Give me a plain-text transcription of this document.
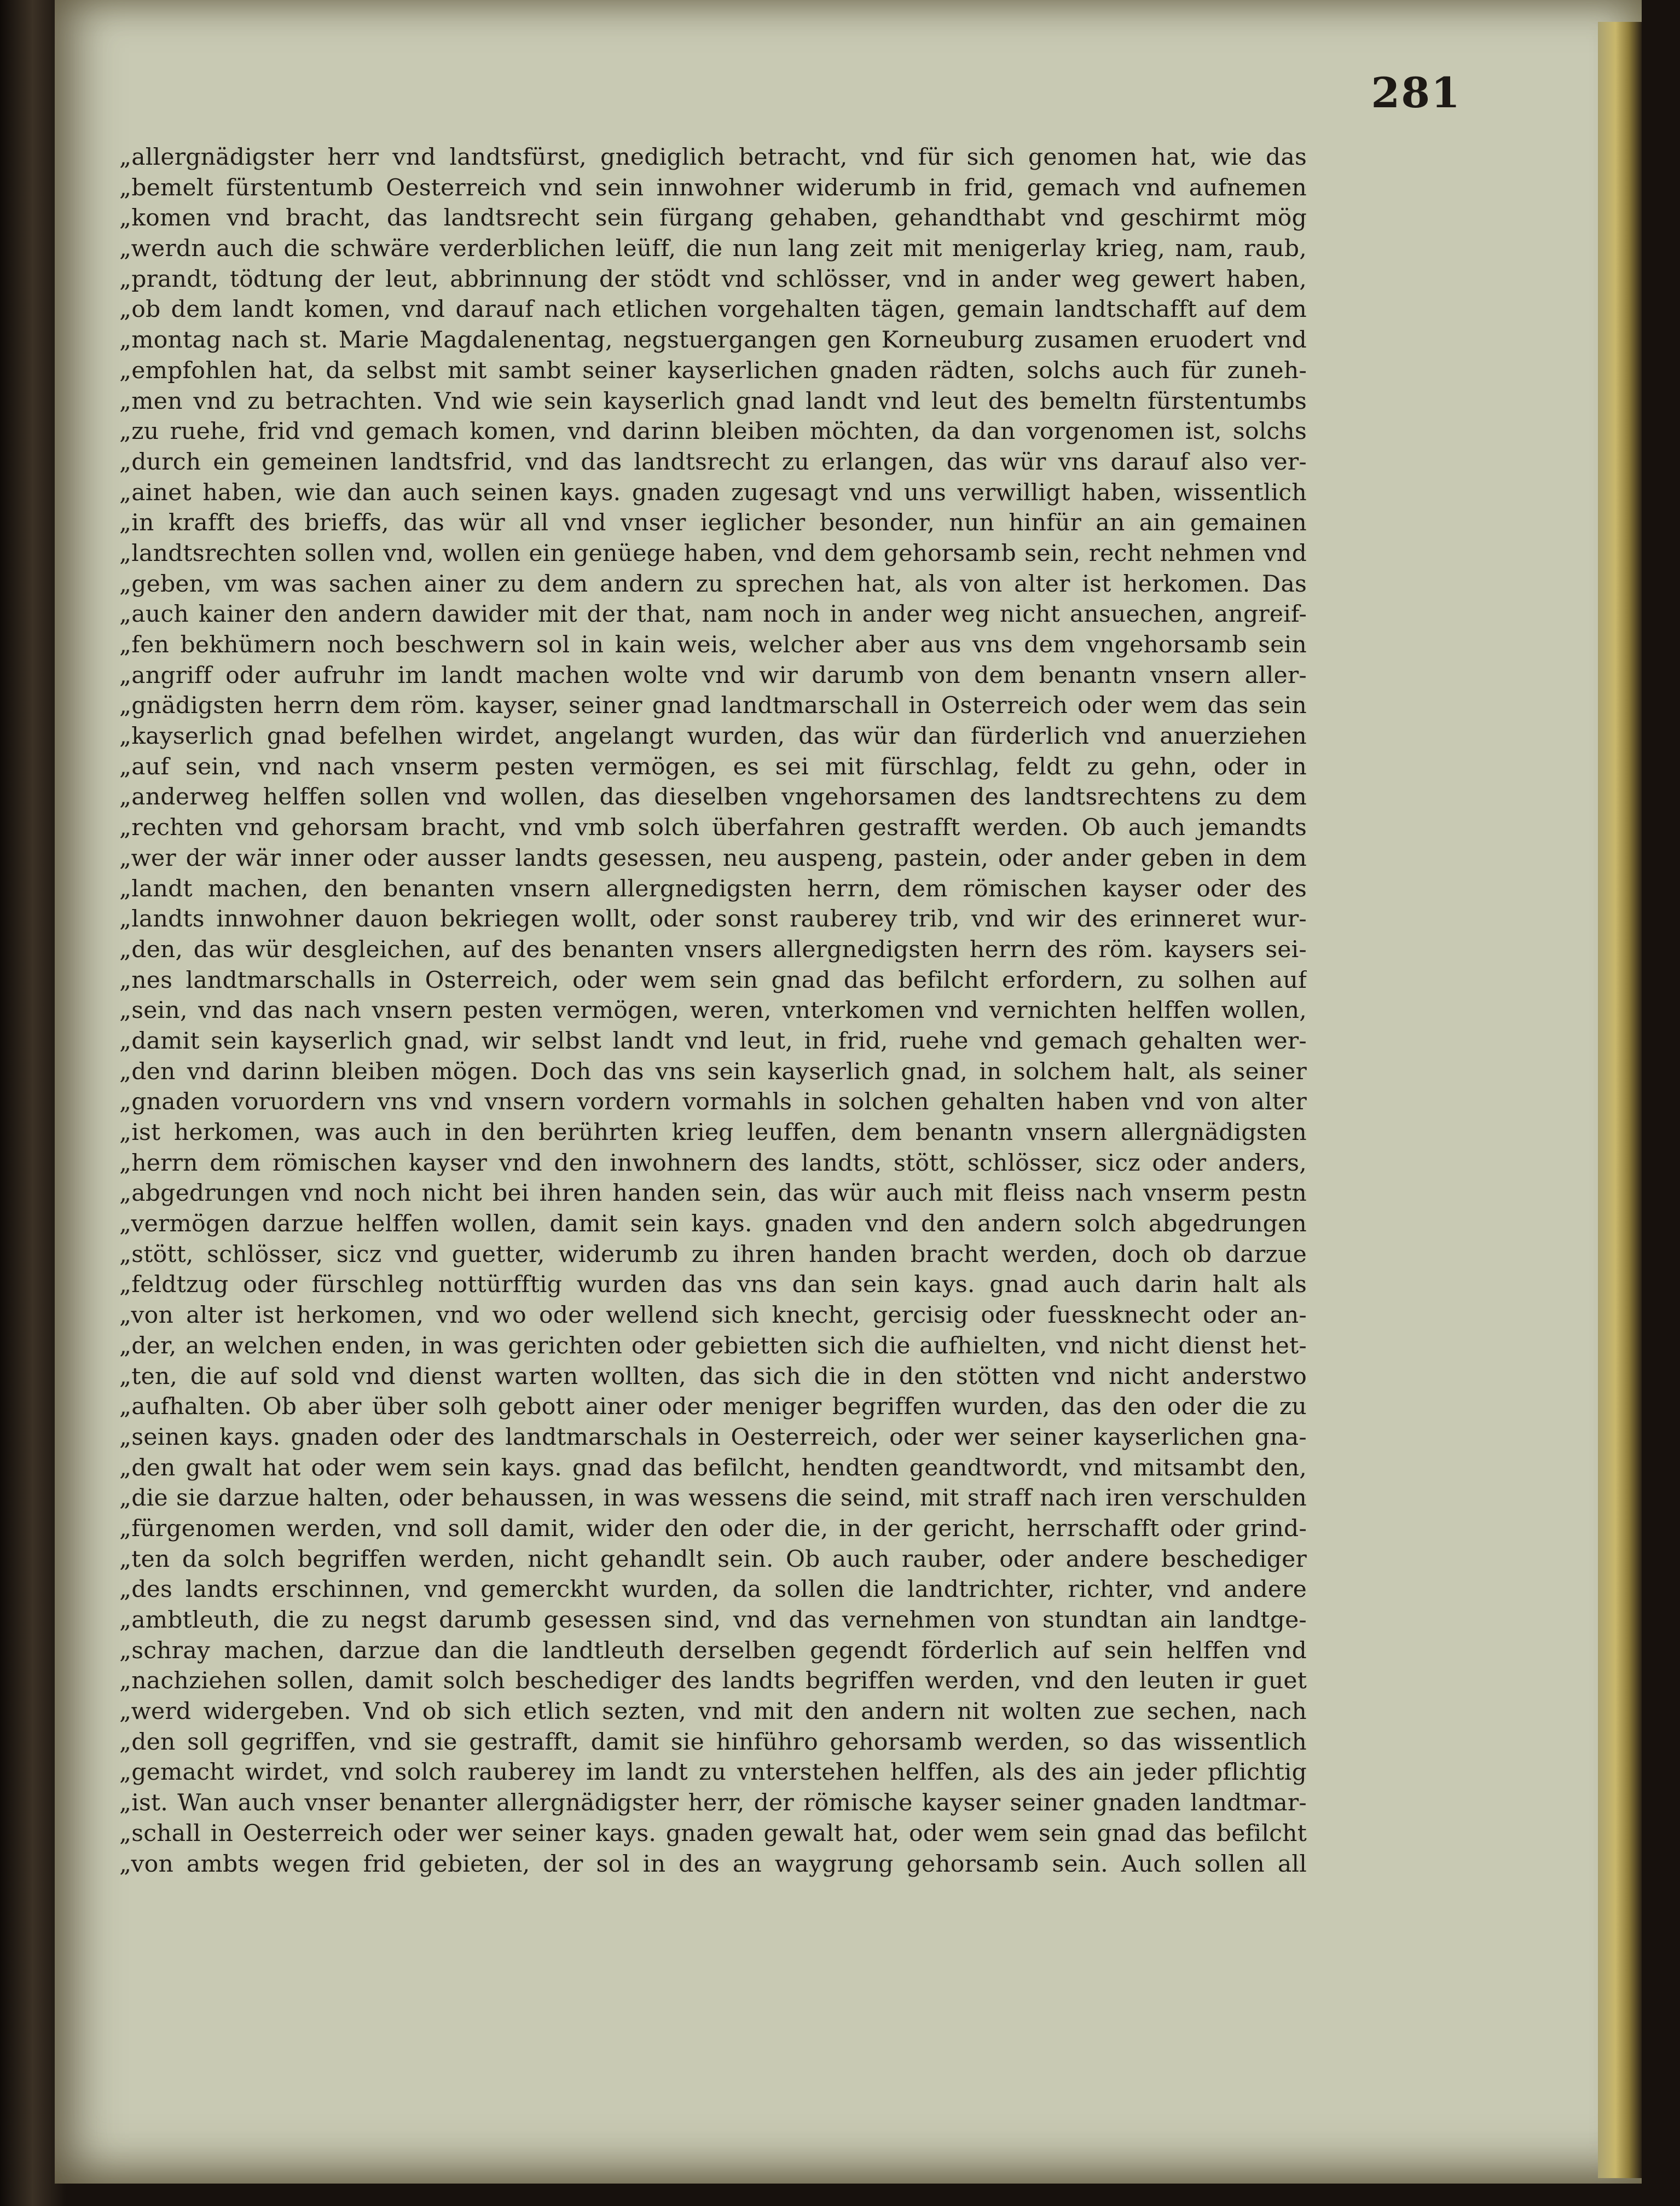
281
„allergnädigster herr vnd landtsfürst, gnediglich betracht, vnd für sich genomen hat, wie das
„bemelt fürstentumb Oesterreich vnd sein innwohner widerumb in frid, gemach vnd aufnemen
„komen vnd bracht, das landtsrecht sein fürgang gehaben, gehandthabt vnd geschirmt mög
„werdn auch die schwäre verderblichen leüff, die nun lang zeit mit menigerlay krieg, nam, raub,
„prandt, tödtung der leut, abbrinnung der stödt vnd schlösser, vnd in ander weg gewert haben,
„ob dem landt komen, vnd darauf nach etlichen vorgehalten tägen, gemain landtschafft auf dem
„montag nach st. Marie Magdalenentag, negstuergangen gen Korneuburg zusamen eruodert vnd
„empfohlen hat, da selbst mit sambt seiner kayserlichen gnaden rädten, solchs auch für zuneh-
„men vnd zu betrachten. Vnd wie sein kayserlich gnad landt vnd leut des bemeltn fürstentumbs
„zu ruehe, frid vnd gemach komen, vnd darinn bleiben möchten, da dan vorgenomen ist, solchs
„durch ein gemeinen landtsfrid, vnd das landtsrecht zu erlangen, das wür vns darauf also ver-
„ainet haben, wie dan auch seinen kays. gnaden zugesagt vnd uns verwilligt haben, wissentlich
„in krafft des brieffs, das wür all vnd vnser ieglicher besonder, nun hinfür an ain gemainen
„landtsrechten sollen vnd, wollen ein genüege haben, vnd dem gehorsamb sein, recht nehmen vnd
„geben, vm was sachen ainer zu dem andern zu sprechen hat, als von alter ist herkomen. Das
„auch kainer den andern dawider mit der that, nam noch in ander weg nicht ansuechen, angreif-
„fen bekhümern noch beschwern sol in kain weis, welcher aber aus vns dem vngehorsamb sein
„angriff oder aufruhr im landt machen wolte vnd wir darumb von dem benantn vnsern aller-
„gnädigsten herrn dem röm. kayser, seiner gnad landtmarschall in Osterreich oder wem das sein
„kayserlich gnad befelhen wirdet, angelangt wurden, das wür dan fürderlich vnd anuerziehen
„auf sein, vnd nach vnserm pesten vermögen, es sei mit fürschlag, feldt zu gehn, oder in
„anderweg helffen sollen vnd wollen, das dieselben vngehorsamen des landtsrechtens zu dem
„rechten vnd gehorsam bracht, vnd vmb solch überfahren gestrafft werden. Ob auch jemandts
„wer der wär inner oder ausser landts gesessen, neu auspeng, pastein, oder ander geben in dem
„landt machen, den benanten vnsern allergnedigsten herrn, dem römischen kayser oder des
„landts innwohner dauon bekriegen wollt, oder sonst rauberey trib, vnd wir des erinneret wur-
„den, das wür desgleichen, auf des benanten vnsers allergnedigsten herrn des röm. kaysers sei-
„nes landtmarschalls in Osterreich, oder wem sein gnad das befilcht erfordern, zu solhen auf
„sein, vnd das nach vnsern pesten vermögen, weren, vnterkomen vnd vernichten helffen wollen,
„damit sein kayserlich gnad, wir selbst landt vnd leut, in frid, ruehe vnd gemach gehalten wer-
„den vnd darinn bleiben mögen. Doch das vns sein kayserlich gnad, in solchem halt, als seiner
„gnaden voruordern vns vnd vnsern vordern vormahls in solchen gehalten haben vnd von alter
„ist herkomen, was auch in den berührten krieg leuffen, dem benantn vnsern allergnädigsten
„herrn dem römischen kayser vnd den inwohnern des landts, stött, schlösser, sicz oder anders,
„abgedrungen vnd noch nicht bei ihren handen sein, das wür auch mit fleiss nach vnserm pestn
„vermögen darzue helffen wollen, damit sein kays. gnaden vnd den andern solch abgedrungen
„stött, schlösser, sicz vnd guetter, widerumb zu ihren handen bracht werden, doch ob darzue
„feldtzug oder fürschleg nottürfftig wurden das vns dan sein kays. gnad auch darin halt als
„von alter ist herkomen, vnd wo oder wellend sich knecht, gercisig oder fuessknecht oder an-
„der, an welchen enden, in was gerichten oder gebietten sich die aufhielten, vnd nicht dienst het-
„ten, die auf sold vnd dienst warten wollten, das sich die in den stötten vnd nicht anderstwo
„aufhalten. Ob aber über solh gebott ainer oder meniger begriffen wurden, das den oder die zu
„seinen kays. gnaden oder des landtmarschals in Oesterreich, oder wer seiner kayserlichen gna-
„den gwalt hat oder wem sein kays. gnad das befilcht, hendten geandtwordt, vnd mitsambt den,
„die sie darzue halten, oder behaussen, in was wessens die seind, mit straff nach iren verschulden
„fürgenomen werden, vnd soll damit, wider den oder die, in der gericht, herrschafft oder grind-
„ten da solch begriffen werden, nicht gehandlt sein. Ob auch rauber, oder andere beschediger
„des landts erschinnen, vnd gemerckht wurden, da sollen die landtrichter, richter, vnd andere
„ambtleuth, die zu negst darumb gesessen sind, vnd das vernehmen von stundtan ain landtge-
„schray machen, darzue dan die landtleuth derselben gegendt förderlich auf sein helffen vnd
„nachziehen sollen, damit solch beschediger des landts begriffen werden, vnd den leuten ir guet
„werd widergeben. Vnd ob sich etlich sezten, vnd mit den andern nit wolten zue sechen, nach
„den soll gegriffen, vnd sie gestrafft, damit sie hinführo gehorsamb werden, so das wissentlich
„gemacht wirdet, vnd solch rauberey im landt zu vnterstehen helffen, als des ain jeder pflichtig
„ist. Wan auch vnser benanter allergnädigster herr, der römische kayser seiner gnaden landtmar-
„schall in Oesterreich oder wer seiner kays. gnaden gewalt hat, oder wem sein gnad das befilcht
„von ambts wegen frid gebieten, der sol in des an waygrung gehorsamb sein. Auch sollen all
